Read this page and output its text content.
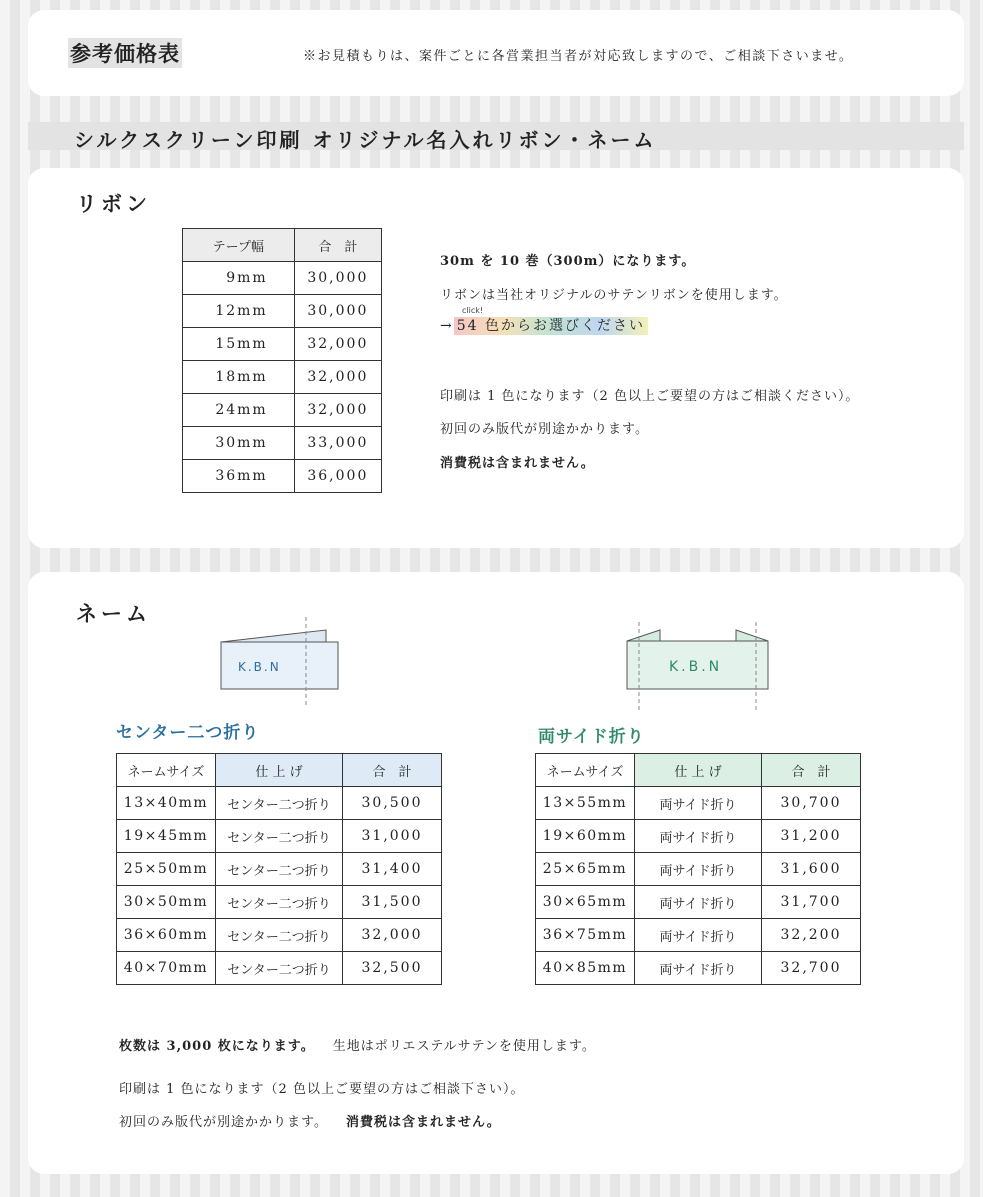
参考価格表	※お見積もりは、案件ごとに各営業担当者が対応致しますので、ご相談下さいませ。
シルクスクリーン印刷 オリジナル名入れリボン・ネーム
リボン
テープ幅	合　計
9mm	30,000
12mm	30,000
15mm	32,000
18mm	32,000
24mm	32,000
30mm	33,000
36mm	36,000
30m を 10 巻（300m）になります。
リボンは当社オリジナルのサテンリボンを使用します。
click!
→ 54 色からお選びください
印刷は 1 色になります（2 色以上ご要望の方はご相談ください）。
初回のみ版代が別途かかります。
消費税は含まれません。
ネーム
K.B.N	K.B.N
センター二つ折り	両サイド折り
ネームサイズ	仕 上 げ	合　計
13×40mm	センター二つ折り	30,500
19×45mm	センター二つ折り	31,000
25×50mm	センター二つ折り	31,400
30×50mm	センター二つ折り	31,500
36×60mm	センター二つ折り	32,000
40×70mm	センター二つ折り	32,500
ネームサイズ	仕 上 げ	合　計
13×55mm	両サイド折り	30,700
19×60mm	両サイド折り	31,200
25×65mm	両サイド折り	31,600
30×65mm	両サイド折り	31,700
36×75mm	両サイド折り	32,200
40×85mm	両サイド折り	32,700
枚数は 3,000 枚になります。 生地はポリエステルサテンを使用します。
印刷は 1 色になります（2 色以上ご要望の方はご相談下さい）。
初回のみ版代が別途かかります。 消費税は含まれません。
